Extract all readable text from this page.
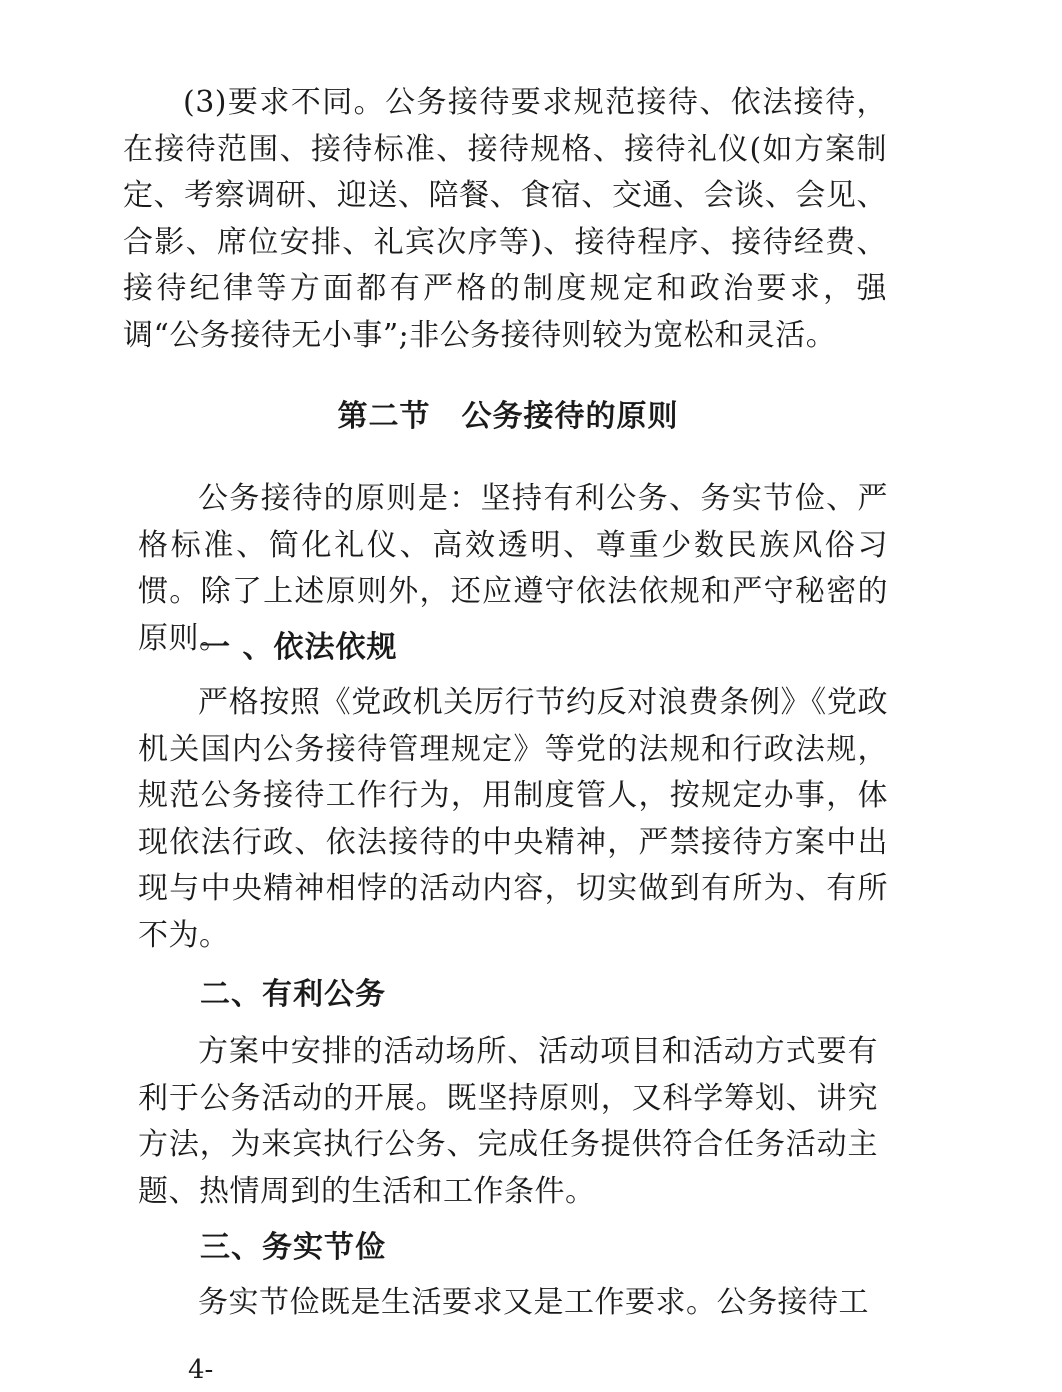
(3)要求不同。公务接待要求规范接待、依法接待，在接待范围、接待标准、接待规格、接待礼仪(如方案制定、考察调研、迎送、陪餐、食宿、交通、会谈、会见、合影、席位安排、礼宾次序等)、接待程序、接待经费、接待纪律等方面都有严格的制度规定和政治要求，强调“公务接待无小事”;非公务接待则较为宽松和灵活。

第二节　公务接待的原则

公务接待的原则是：坚持有利公务、务实节俭、严格标准、简化礼仪、高效透明、尊重少数民族风俗习惯。除了上述原则外，还应遵守依法依规和严守秘密的原则。

一 、依法依规

严格按照《党政机关厉行节约反对浪费条例》《党政机关国内公务接待管理规定》等党的法规和行政法规，规范公务接待工作行为，用制度管人，按规定办事，体现依法行政、依法接待的中央精神，严禁接待方案中出现与中央精神相悖的活动内容，切实做到有所为、有所不为。

二、有利公务

方案中安排的活动场所、活动项目和活动方式要有利于公务活动的开展。既坚持原则，又科学筹划、讲究方法，为来宾执行公务、完成任务提供符合任务活动主题、热情周到的生活和工作条件。

三、务实节俭

务实节俭既是生活要求又是工作要求。公务接待工

4-
